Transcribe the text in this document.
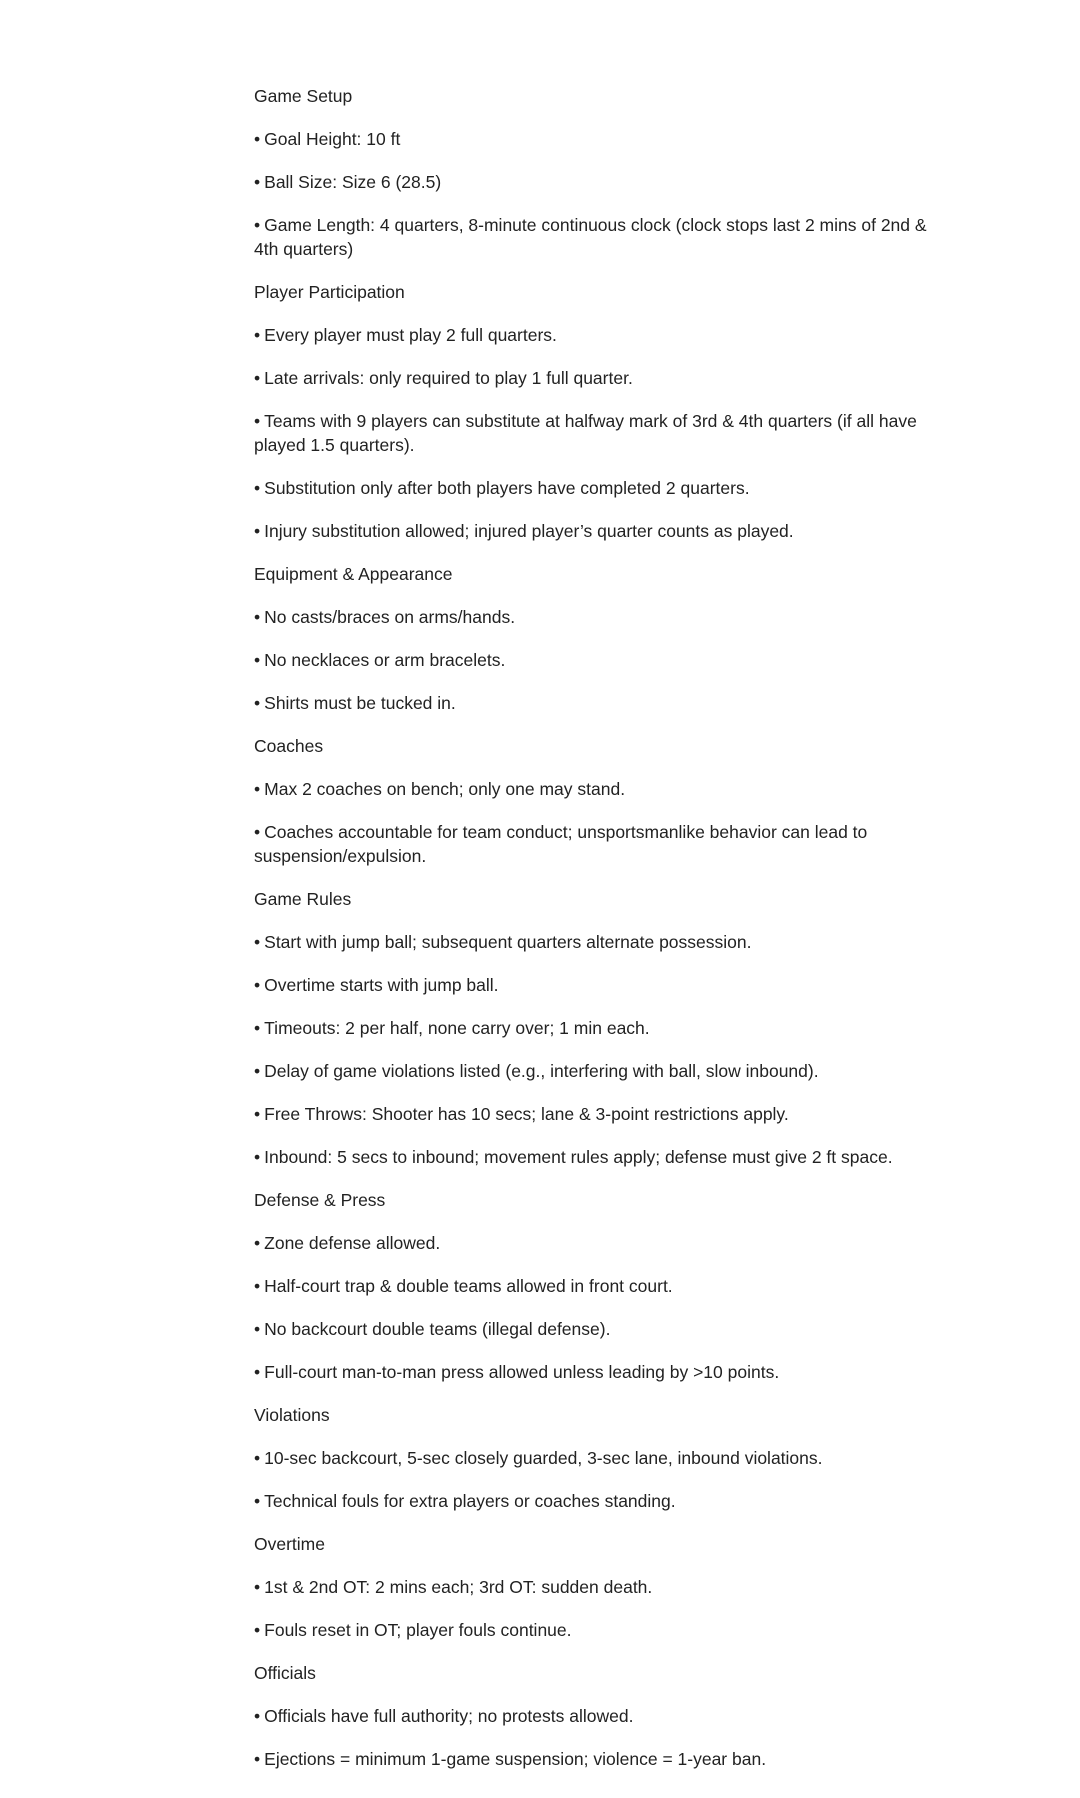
Game Setup

• Goal Height: 10 ft

• Ball Size: Size 6 (28.5)

• Game Length: 4 quarters, 8-minute continuous clock (clock stops last 2 mins of 2nd & 4th quarters)

Player Participation

• Every player must play 2 full quarters.

• Late arrivals: only required to play 1 full quarter.

• Teams with 9 players can substitute at halfway mark of 3rd & 4th quarters (if all have played 1.5 quarters).

• Substitution only after both players have completed 2 quarters.

• Injury substitution allowed; injured player’s quarter counts as played.

Equipment & Appearance

• No casts/braces on arms/hands.

• No necklaces or arm bracelets.

• Shirts must be tucked in.

Coaches

• Max 2 coaches on bench; only one may stand.

• Coaches accountable for team conduct; unsportsmanlike behavior can lead to suspension/expulsion.

Game Rules

• Start with jump ball; subsequent quarters alternate possession.

• Overtime starts with jump ball.

• Timeouts: 2 per half, none carry over; 1 min each.

• Delay of game violations listed (e.g., interfering with ball, slow inbound).

• Free Throws: Shooter has 10 secs; lane & 3-point restrictions apply.

• Inbound: 5 secs to inbound; movement rules apply; defense must give 2 ft space.

Defense & Press

• Zone defense allowed.

• Half-court trap & double teams allowed in front court.

• No backcourt double teams (illegal defense).

• Full-court man-to-man press allowed unless leading by >10 points.

Violations

• 10-sec backcourt, 5-sec closely guarded, 3-sec lane, inbound violations.

• Technical fouls for extra players or coaches standing.

Overtime

• 1st & 2nd OT: 2 mins each; 3rd OT: sudden death.

• Fouls reset in OT; player fouls continue.

Officials

• Officials have full authority; no protests allowed.

• Ejections = minimum 1-game suspension; violence = 1-year ban.
